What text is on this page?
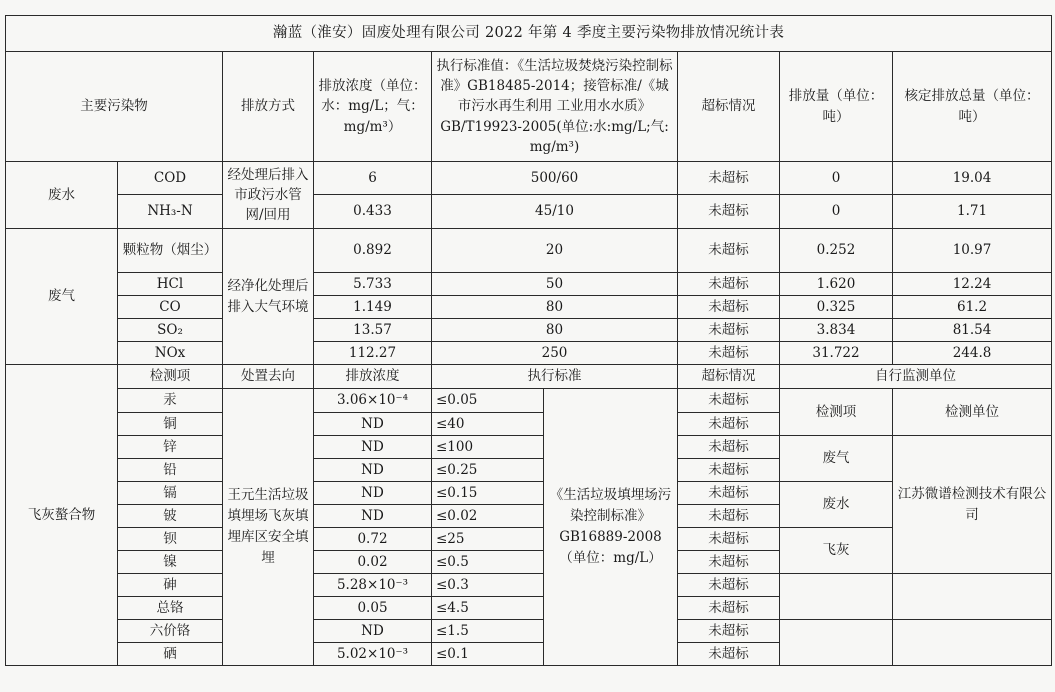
瀚蓝（淮安）固废处理有限公司 2022 年第 4 季度主要污染物排放情况统计表								
主要污染物		排放方式	排放浓度（单位：水：mg/L；气：mg/m³）	执行标准值：《生活垃圾焚烧污染控制标准》GB18485-2014；接管标准/《城市污水再生利用 工业用水水质》GB/T19923-2005(单位:水:mg/L;气: mg/m³)		超标情况	排放量（单位：吨）	核定排放总量（单位：吨）
废水	COD	经处理后排入市政污水管网/回用	6	500/60		未超标	0	19.04
	NH₃-N		0.433	45/10		未超标	0	1.71
废气	颗粒物（烟尘）	经净化处理后排入大气环境	0.892	20		未超标	0.252	10.97
	HCl		5.733	50		未超标	1.620	12.24
	CO		1.149	80		未超标	0.325	61.2
	SO₂		13.57	80		未超标	3.834	81.54
	NOx		112.27	250		未超标	31.722	244.8
飞灰螯合物	检测项	处置去向	排放浓度	执行标准		超标情况	自行监测单位	
	汞	王元生活垃圾填埋场飞灰填埋库区安全填埋	3.06×10⁻⁴	≤0.05	《生活垃圾填埋场污染控制标准》GB16889-2008（单位：mg/L）	未超标	检测项	检测单位
	铜		ND	≤40		未超标		
	锌		ND	≤100		未超标	废气	江苏微谱检测技术有限公司
	铅		ND	≤0.25		未超标		
	镉		ND	≤0.15		未超标	废水	
	铍		ND	≤0.02		未超标		
	钡		0.72	≤25		未超标	飞灰	
	镍		0.02	≤0.5		未超标		
	砷		5.28×10⁻³	≤0.3		未超标		
	总铬		0.05	≤4.5		未超标		
	六价铬		ND	≤1.5		未超标		
	硒		5.02×10⁻³	≤0.1		未超标		
